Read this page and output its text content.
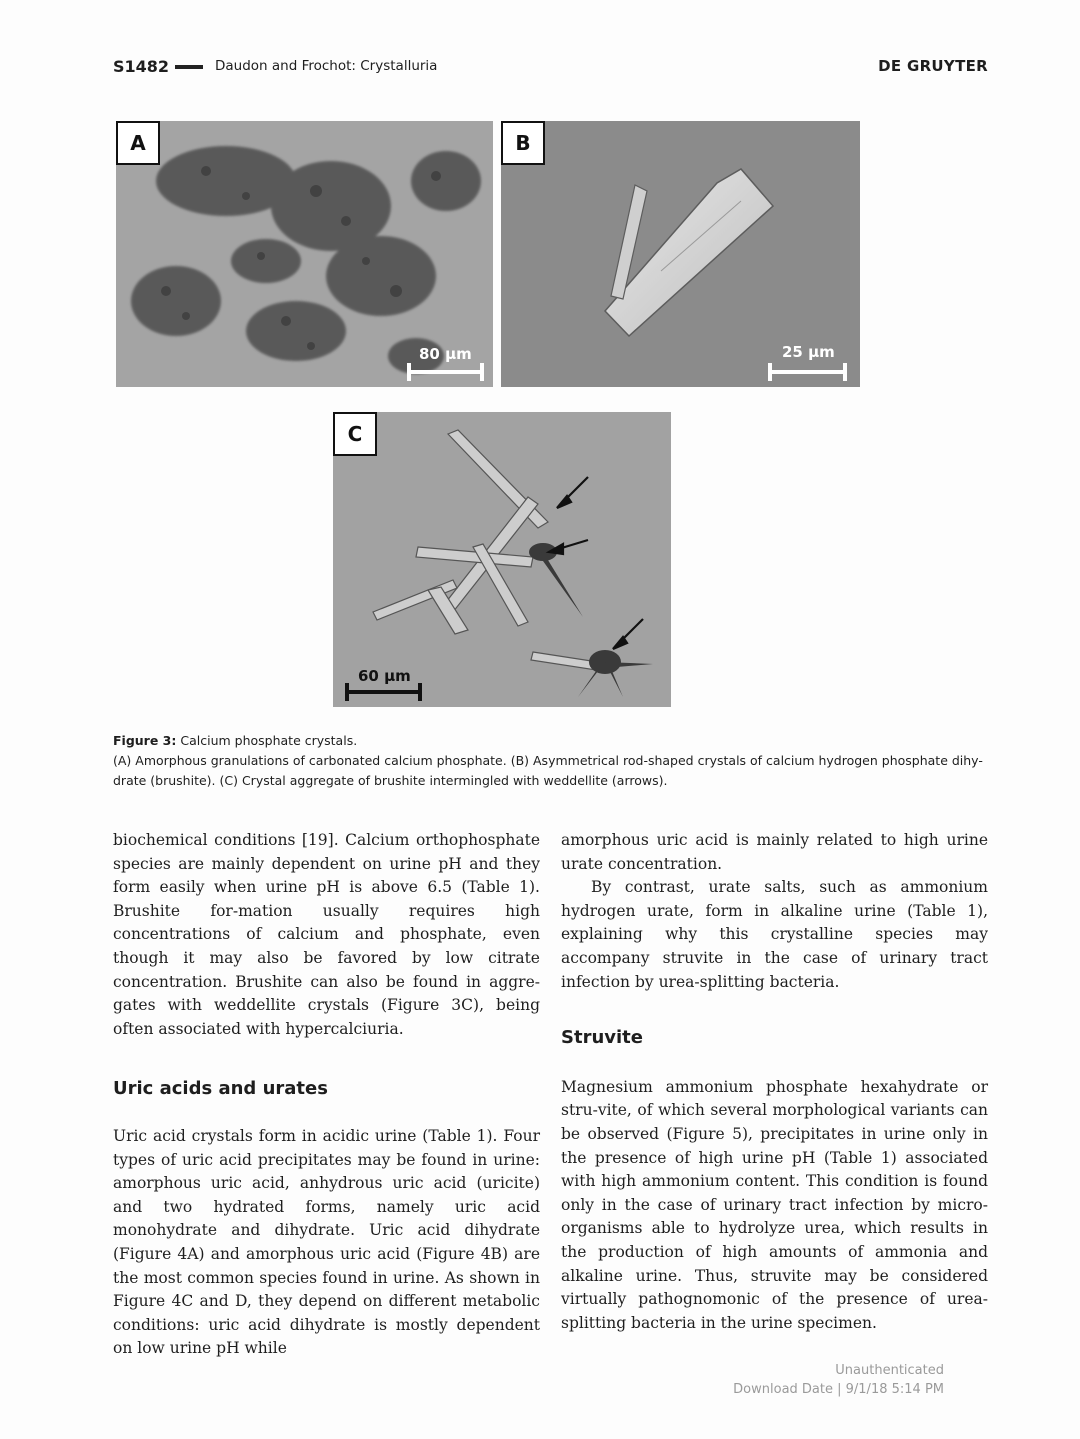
S1482	Daudon and Frochot: Crystalluria	DE GRUYTER
A
80 µm
B
25 µm
C
60 µm
Figure 3: Calcium phosphate crystals.
(A) Amorphous granulations of carbonated calcium phosphate. (B) Asymmetrical rod-shaped crystals of calcium hydrogen phosphate dihy-drate (brushite). (C) Crystal aggregate of brushite intermingled with weddellite (arrows).

biochemical conditions [19]. Calcium orthophosphate species are mainly dependent on urine pH and they form easily when urine pH is above 6.5 (Table 1). Brushite for-mation usually requires high concentrations of calcium and phosphate, even though it may also be favored by low citrate concentration. Brushite can also be found in aggre-gates with weddellite crystals (Figure 3C), being often associated with hypercalciuria.

Uric acids and urates

Uric acid crystals form in acidic urine (Table 1). Four types of uric acid precipitates may be found in urine: amorphous uric acid, anhydrous uric acid (uricite) and two hydrated forms, namely uric acid monohydrate and dihydrate. Uric acid dihydrate (Figure 4A) and amorphous uric acid (Figure 4B) are the most common species found in urine. As shown in Figure 4C and D, they depend on different metabolic conditions: uric acid dihydrate is mostly dependent on low urine pH while

amorphous uric acid is mainly related to high urine urate concentration.

By contrast, urate salts, such as ammonium hydrogen urate, form in alkaline urine (Table 1), explaining why this crystalline species may accompany struvite in the case of urinary tract infection by urea-splitting bacteria.

Struvite

Magnesium ammonium phosphate hexahydrate or stru-vite, of which several morphological variants can be observed (Figure 5), precipitates in urine only in the presence of high urine pH (Table 1) associated with high ammonium content. This condition is found only in the case of urinary tract infection by micro-organisms able to hydrolyze urea, which results in the production of high amounts of ammonia and alkaline urine. Thus, struvite may be considered virtually pathognomonic of the presence of urea-splitting bacteria in the urine specimen.

Unauthenticated
Download Date | 9/1/18 5:14 PM
